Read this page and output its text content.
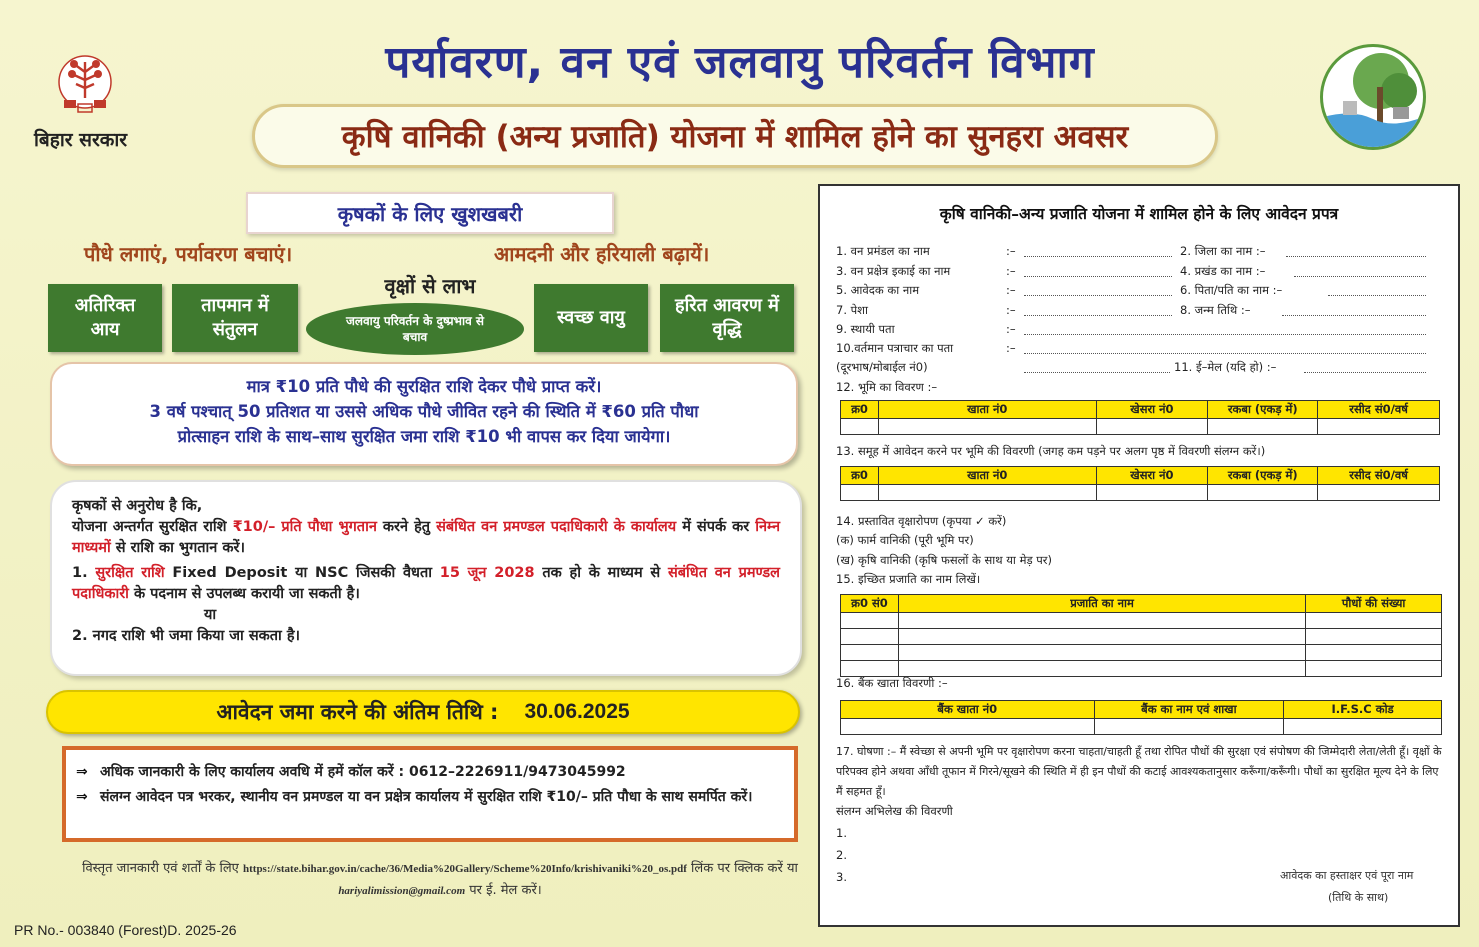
बिहार सरकार
पर्यावरण, वन एवं जलवायु परिवर्तन विभाग
कृषि वानिकी (अन्य प्रजाति) योजना में शामिल होने का सुनहरा अवसर
कृषकों के लिए खुशखबरी
पौधे लगाएं, पर्यावरण बचाएं।	आमदनी और हरियाली बढ़ायें।
वृक्षों से लाभ
अतिरिक्त आय
तापमान में संतुलन	जलवायु परिवर्तन के दुष्प्रभाव से बचाव
स्वच्छ वायु
हरित आवरण में वृद्धि
मात्र ₹10 प्रति पौधे की सुरक्षित राशि देकर पौधे प्राप्त करें।
3 वर्ष पश्चात् 50 प्रतिशत या उससे अधिक पौधे जीवित रहने की स्थिति में ₹60 प्रति पौधा
प्रोत्साहन राशि के साथ–साथ सुरक्षित जमा राशि ₹10 भी वापस कर दिया जायेगा।

कृषकों से अनुरोध है कि,

योजना अन्तर्गत सुरक्षित राशि ₹10/– प्रति पौधा भुगतान करने हेतु संबंधित वन प्रमण्डल पदाधिकारी के कार्यालय में संपर्क कर निम्न माध्यमों से राशि का भुगतान करें।

1. सुरक्षित राशि Fixed Deposit या NSC जिसकी वैधता 15 जून 2028 तक हो के माध्यम से संबंधित वन प्रमण्डल पदाधिकारी के पदनाम से उपलब्ध करायी जा सकती है।

या

2. नगद राशि भी जमा किया जा सकता है।

आवेदन जमा करने की अंतिम तिथि : 30.06.2025
⇒ अधिक जानकारी के लिए कार्यालय अवधि में हमें कॉल करें : 0612–2226911/9473045992
⇒ संलग्न आवेदन पत्र भरकर, स्थानीय वन प्रमण्डल या वन प्रक्षेत्र कार्यालय में सुरक्षित राशि ₹10/– प्रति पौधा के साथ समर्पित करें।
विस्तृत जानकारी एवं शर्तों के लिए https://state.bihar.gov.in/cache/36/Media%20Gallery/Scheme%20Info/krishivaniki%20_os.pdf लिंक पर क्लिक करें या hariyalimission@gmail.com पर ई. मेल करें।
PR No.- 003840 (Forest)D. 2025-26
कृषि वानिकी–अन्य प्रजाति योजना में शामिल होने के लिए आवेदन प्रपत्र
1. वन प्रमंडल का नाम	:–	2. जिला का नाम :–
3. वन प्रक्षेत्र इकाई का नाम	:–	4. प्रखंड का नाम :–
5. आवेदक का नाम	:–	6. पिता/पति का नाम :–
7. पेशा	:–	8. जन्म तिथि :–
9. स्थायी पता	:–
10.वर्तमान पत्राचार का पता	:–
(दूरभाष/मोबाईल नं0)	11. ई–मेल (यदि हो) :–
12. भूमि का विवरण :–
क्र0	खाता नं0	खेसरा नं0	रकबा (एकड़ में)	रसीद सं0/वर्ष

13. समूह में आवेदन करने पर भूमि की विवरणी (जगह कम पड़ने पर अलग पृष्ठ में विवरणी संलग्न करें।)
क्र0	खाता नं0	खेसरा नं0	रकबा (एकड़ में)	रसीद सं0/वर्ष

14. प्रस्तावित वृक्षारोपण (कृपया ✓ करें)
(क) फार्म वानिकी (पूरी भूमि पर)
(ख) कृषि वानिकी (कृषि फसलों के साथ या मेड़ पर)
15. इच्छित प्रजाति का नाम लिखें।
क्र0 सं0	प्रजाति का नाम	पौधों की संख्या

16. बैंक खाता विवरणी :–
बैंक खाता नं0	बैंक का नाम एवं शाखा	I.F.S.C कोड

17. घोषणा :– मैं स्वेच्छा से अपनी भूमि पर वृक्षारोपण करना चाहता/चाहती हूँ तथा रोपित पौधों की सुरक्षा एवं संपोषण की जिम्मेदारी लेता/लेती हूँ। वृक्षों के परिपक्व होने अथवा आँधी तूफान में गिरने/सूखने की स्थिति में ही इन पौधों की कटाई आवश्यकतानुसार करूँगा/करूँगी। पौधों का सुरक्षित मूल्य देने के लिए मैं सहमत हूँ।
संलग्न अभिलेख की विवरणी
1.
2.
3.	आवेदक का हस्ताक्षर एवं पूरा नाम
(तिथि के साथ)
